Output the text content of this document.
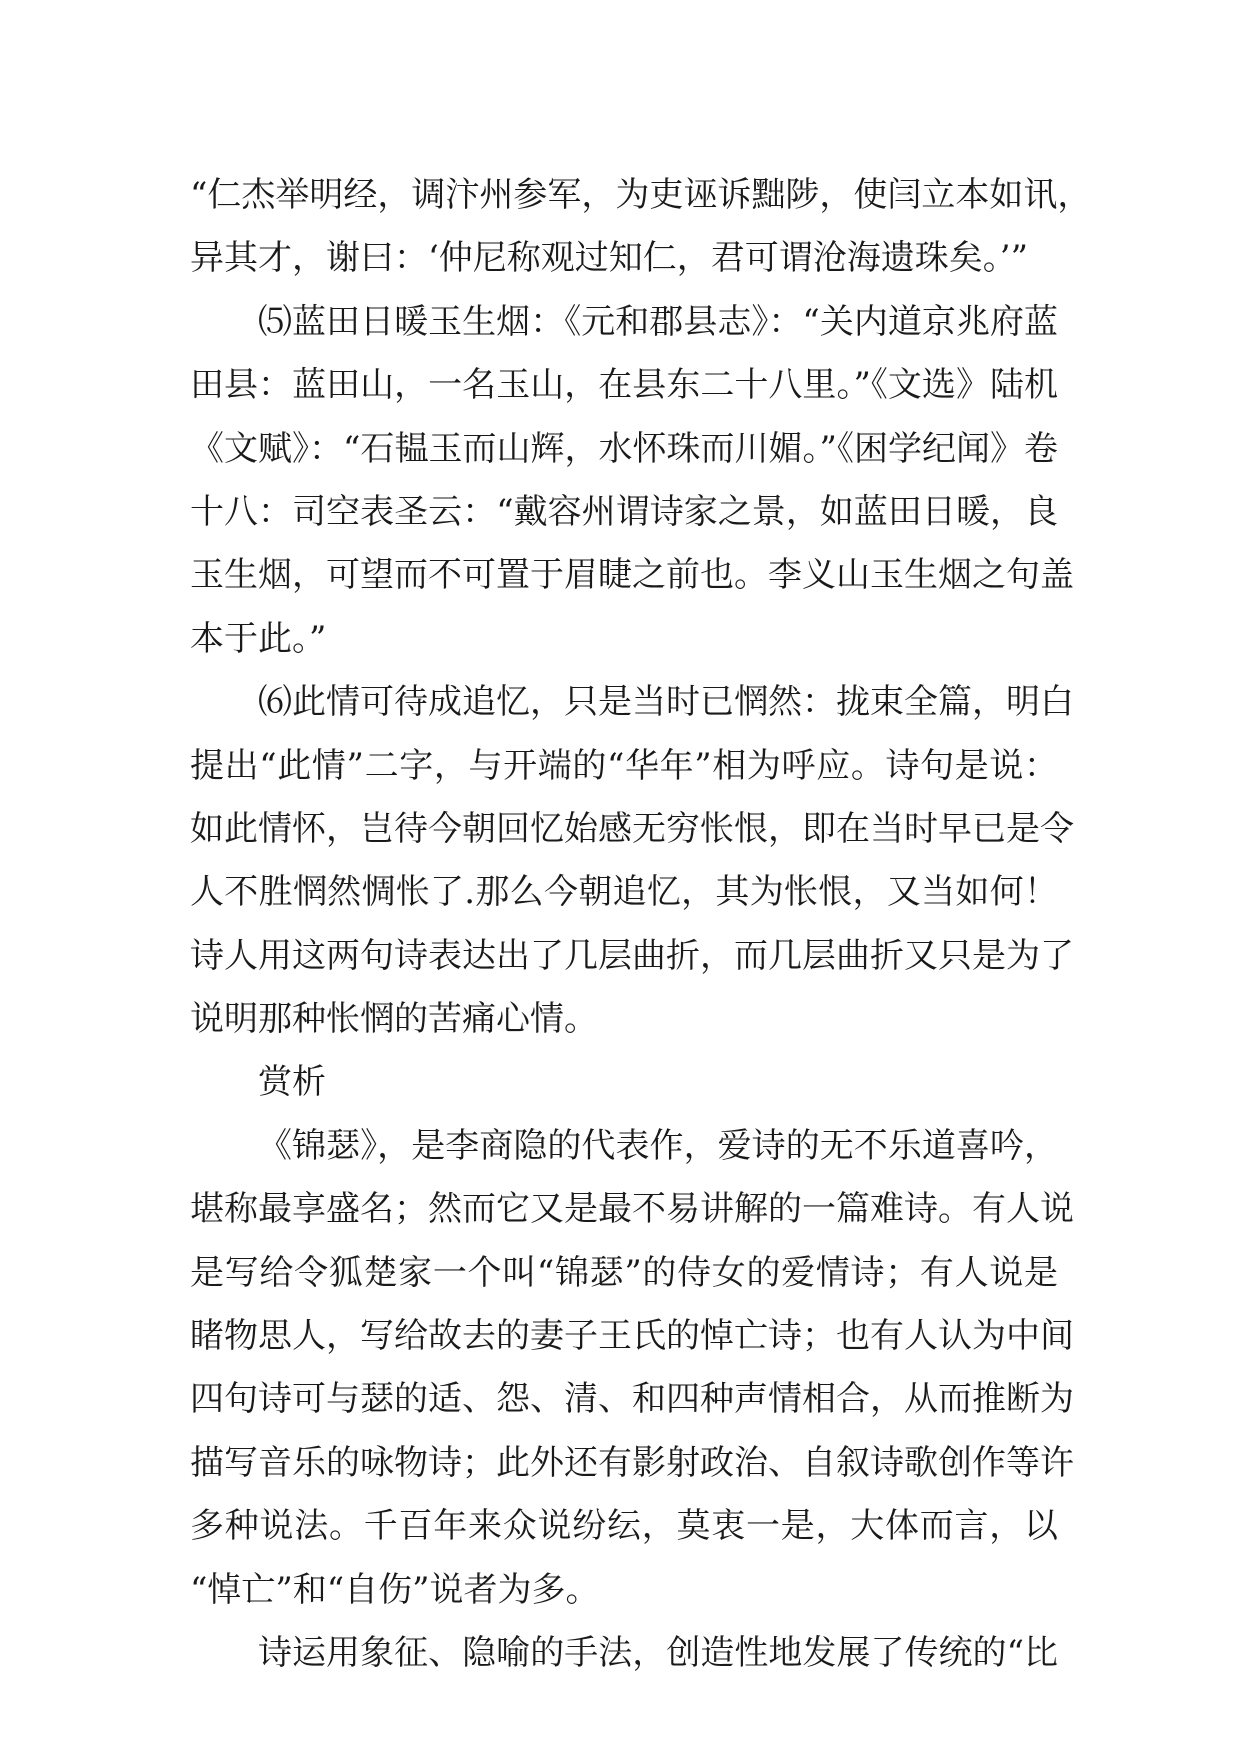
“仁杰举明经，调汴州参军，为吏诬诉黜陟，使闫立本如讯，
异其才，谢曰：‘仲尼称观过知仁，君可谓沧海遗珠矣。’”
⑸蓝田日暖玉生烟：《元和郡县志》：“关内道京兆府蓝
田县：蓝田山，一名玉山，在县东二十八里。”《文选》陆机
《文赋》：“石韫玉而山辉，水怀珠而川媚。”《困学纪闻》卷
十八：司空表圣云：“戴容州谓诗家之景，如蓝田日暖，良
玉生烟，可望而不可置于眉睫之前也。李义山玉生烟之句盖
本于此。”
⑹此情可待成追忆，只是当时已惘然：拢束全篇，明白
提出“此情”二字，与开端的“华年”相为呼应。诗句是说：
如此情怀，岂待今朝回忆始感无穷怅恨，即在当时早已是令
人不胜惘然惆怅了.那么今朝追忆，其为怅恨，又当如何！
诗人用这两句诗表达出了几层曲折，而几层曲折又只是为了
说明那种怅惘的苦痛心情。
赏析
《锦瑟》，是李商隐的代表作，爱诗的无不乐道喜吟，
堪称最享盛名；然而它又是最不易讲解的一篇难诗。有人说
是写给令狐楚家一个叫“锦瑟”的侍女的爱情诗；有人说是
睹物思人，写给故去的妻子王氏的悼亡诗；也有人认为中间
四句诗可与瑟的适、怨、清、和四种声情相合，从而推断为
描写音乐的咏物诗；此外还有影射政治、自叙诗歌创作等许
多种说法。千百年来众说纷纭，莫衷一是，大体而言，以
“悼亡”和“自伤”说者为多。
诗运用象征、隐喻的手法，创造性地发展了传统的“比
